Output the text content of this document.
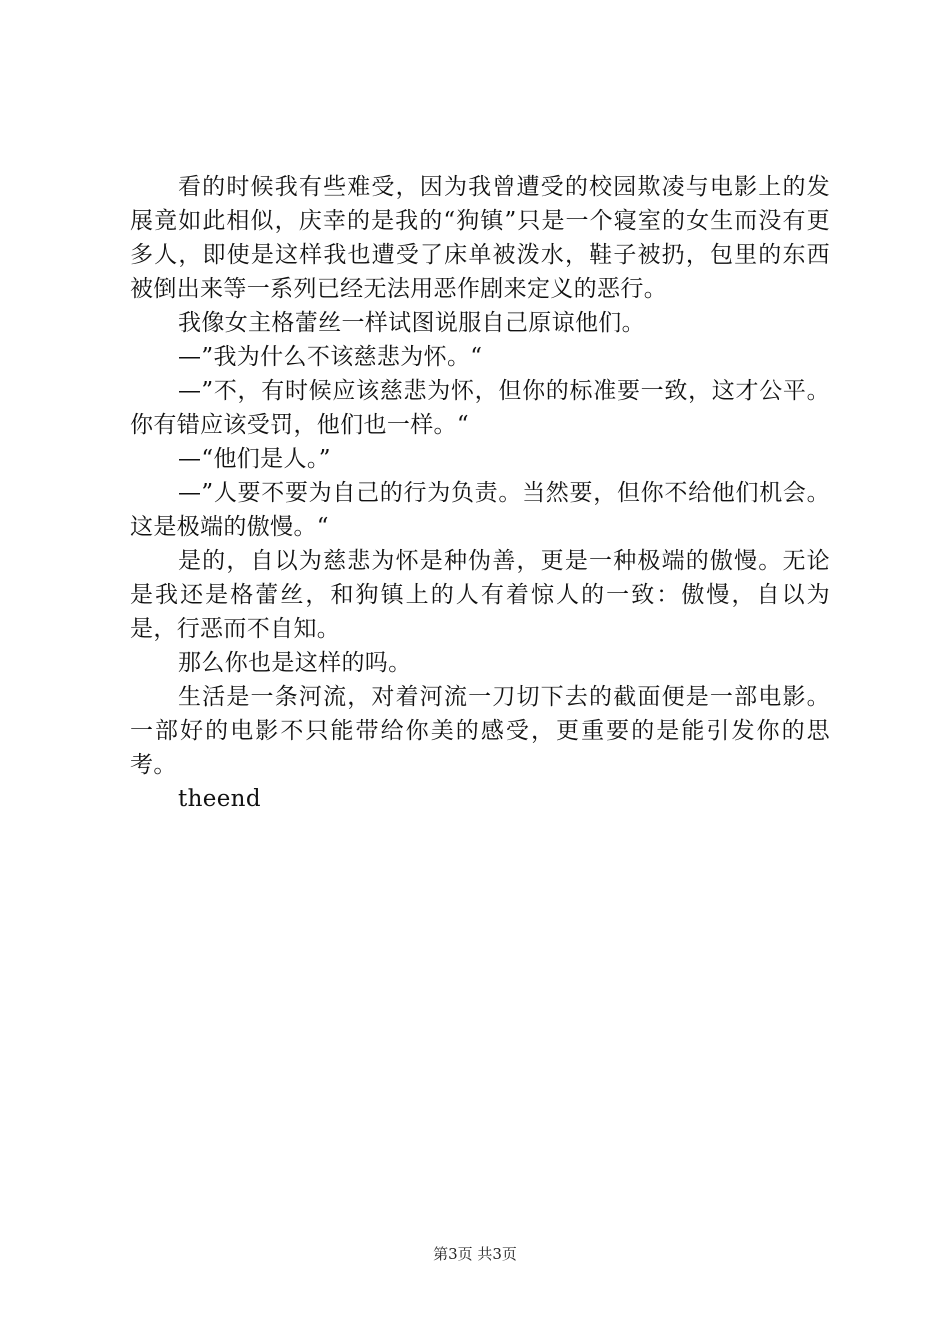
看的时候我有些难受，因为我曾遭受的校园欺凌与电影上的发展竟如此相似，庆幸的是我的“狗镇”只是一个寝室的女生而没有更多人，即使是这样我也遭受了床单被泼水，鞋子被扔，包里的东西被倒出来等一系列已经无法用恶作剧来定义的恶行。

我像女主格蕾丝一样试图说服自己原谅他们。

—”我为什么不该慈悲为怀。“

—”不，有时候应该慈悲为怀，但你的标准要一致，这才公平。你有错应该受罚，他们也一样。“

—“他们是人。”

—”人要不要为自己的行为负责。当然要，但你不给他们机会。这是极端的傲慢。“

是的，自以为慈悲为怀是种伪善，更是一种极端的傲慢。无论是我还是格蕾丝，和狗镇上的人有着惊人的一致：傲慢，自以为是，行恶而不自知。

那么你也是这样的吗。

生活是一条河流，对着河流一刀切下去的截面便是一部电影。一部好的电影不只能带给你美的感受，更重要的是能引发你的思考。

theend

第3页 共3页
